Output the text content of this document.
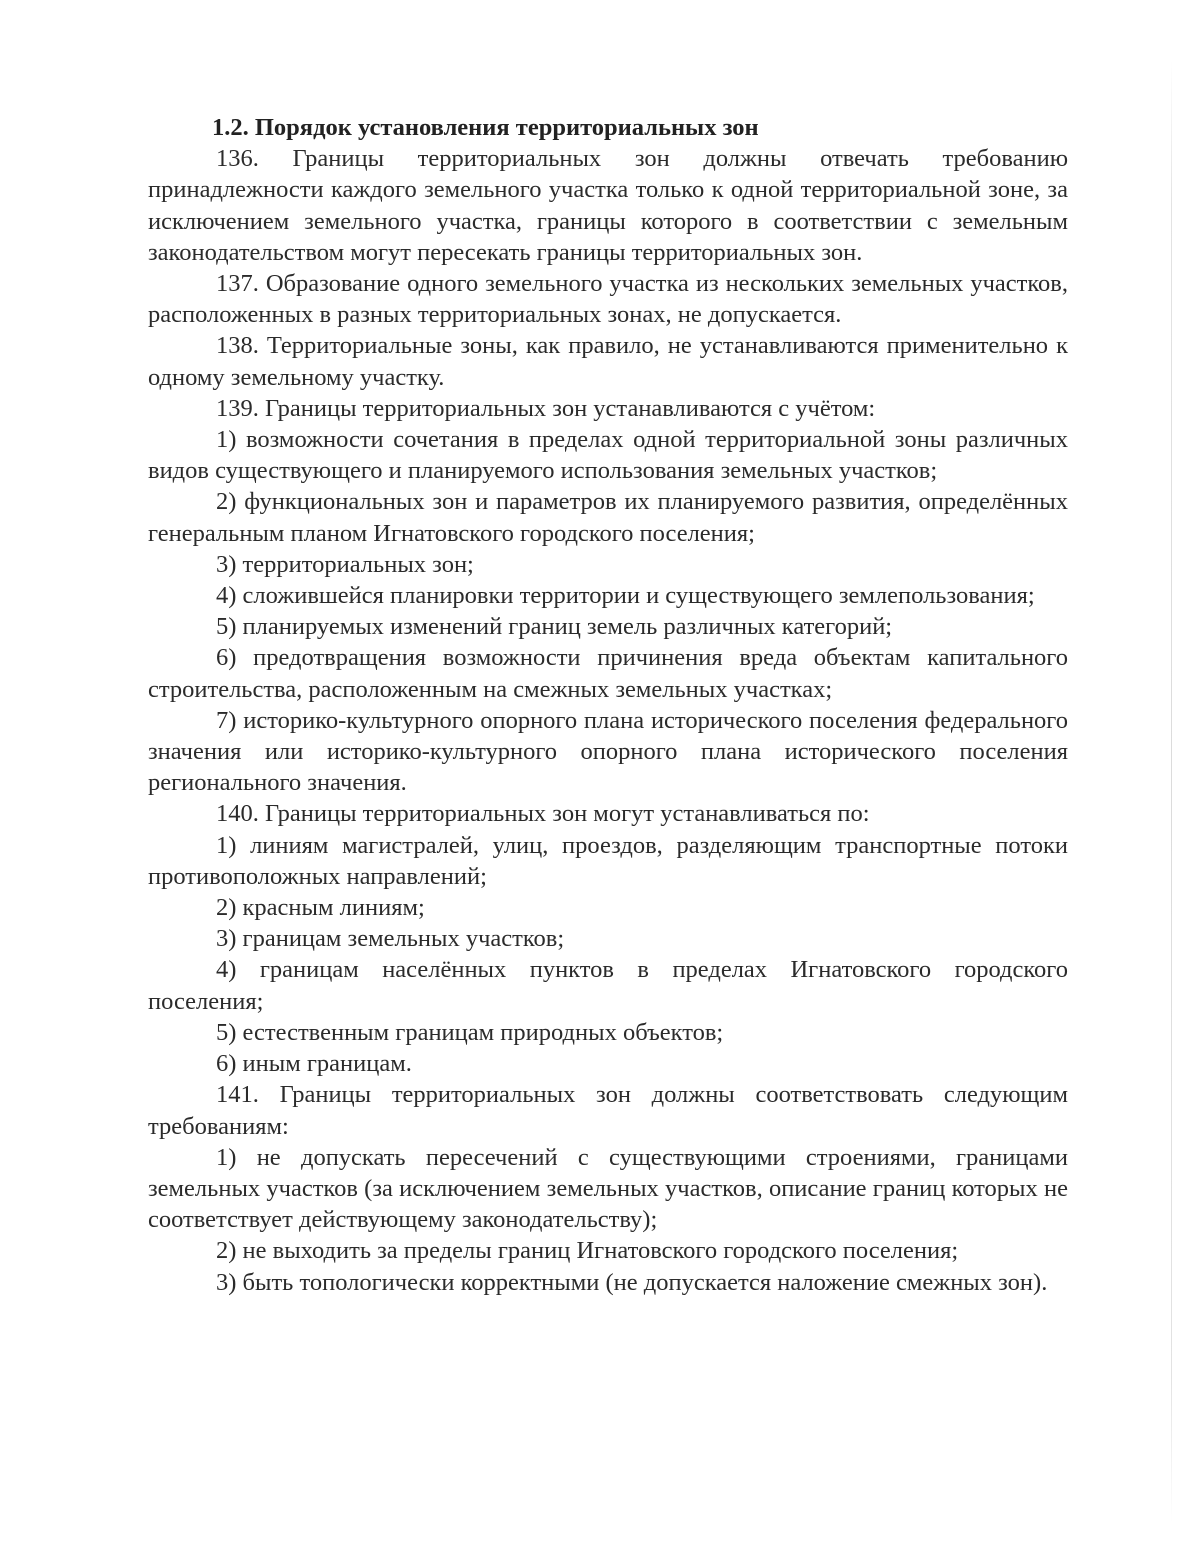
1.2. Порядок установления территориальных зон

136. Границы территориальных зон должны отвечать требованию принадлежности каждого земельного участка только к одной территориальной зоне, за исключением земельного участка, границы которого в соответствии с земельным законодательством могут пересекать границы территориальных зон.

137. Образование одного земельного участка из нескольких земельных участков, расположенных в разных территориальных зонах, не допускается.

138. Территориальные зоны, как правило, не устанавливаются применительно к одному земельному участку.

139. Границы территориальных зон устанавливаются с учётом:

1) возможности сочетания в пределах одной территориальной зоны различных видов существующего и планируемого использования земельных участков;

2) функциональных зон и параметров их планируемого развития, определённых генеральным планом Игнатовского городского поселения;

3) территориальных зон;

4) сложившейся планировки территории и существующего землепользования;

5) планируемых изменений границ земель различных категорий;

6) предотвращения возможности причинения вреда объектам капитального строительства, расположенным на смежных земельных участках;

7) историко-культурного опорного плана исторического поселения федерального значения или историко-культурного опорного плана исторического поселения регионального значения.

140. Границы территориальных зон могут устанавливаться по:

1) линиям магистралей, улиц, проездов, разделяющим транспортные потоки противоположных направлений;

2) красным линиям;

3) границам земельных участков;

4) границам населённых пунктов в пределах Игнатовского городского поселения;

5) естественным границам природных объектов;

6) иным границам.

141. Границы территориальных зон должны соответствовать следующим требованиям:

1) не допускать пересечений с существующими строениями, границами земельных участков (за исключением земельных участков, описание границ которых не соответствует действующему законодательству);

2) не выходить за пределы границ Игнатовского городского поселения;

3) быть топологически корректными (не допускается наложение смежных зон).
